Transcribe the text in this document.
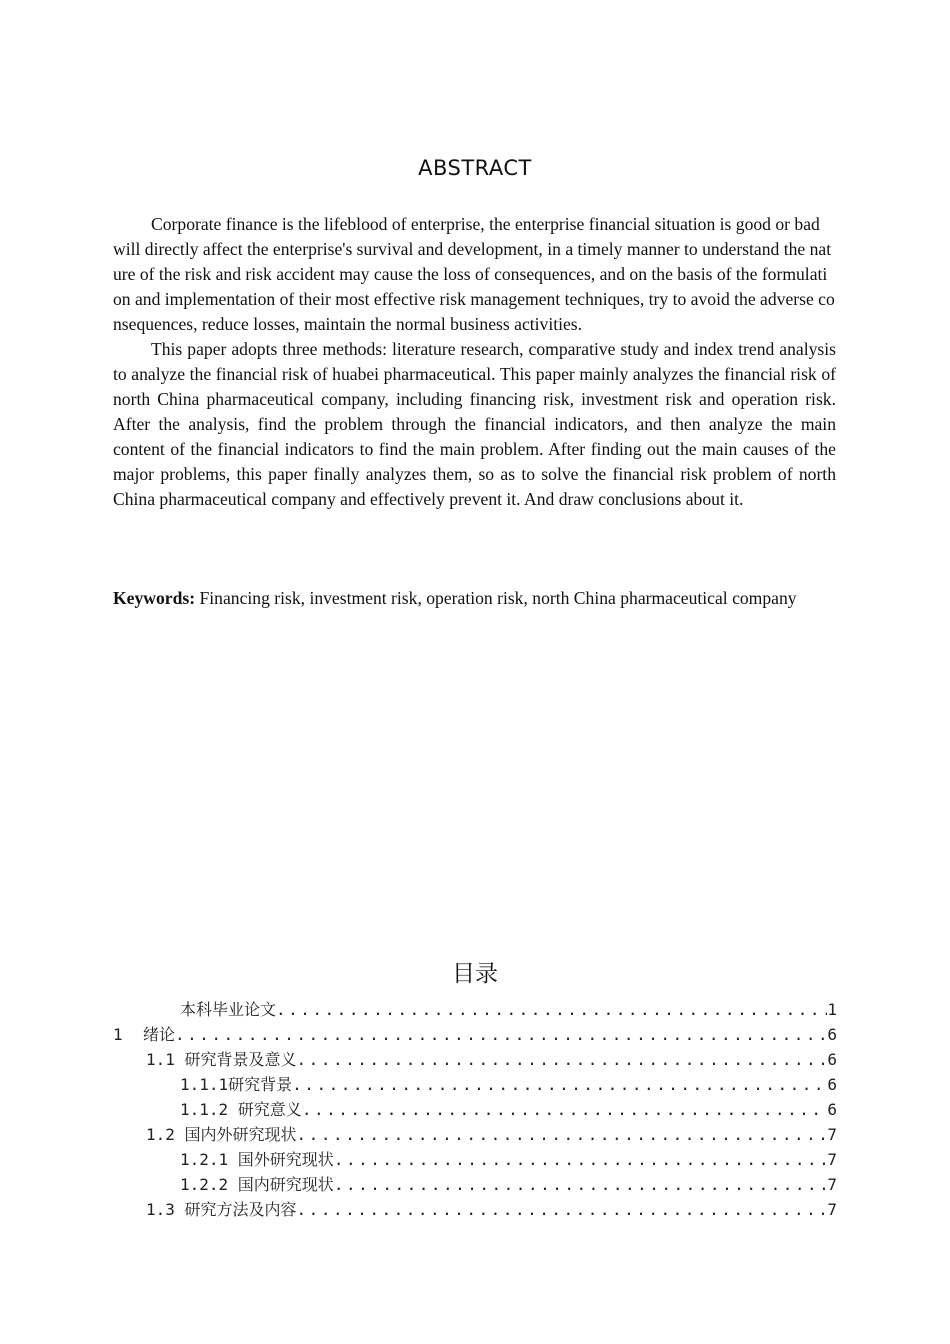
ABSTRACT

Corporate finance is the lifeblood of enterprise, the enterprise financial situation is good or bad will directly affect the enterprise's survival and development, in a timely manner to understand the nature of the risk and risk accident may cause the loss of consequences, and on the basis of the formulation and implementation of their most effective risk management techniques, try to avoid the adverse consequences, reduce losses, maintain the normal business activities.

This paper adopts three methods: literature research, comparative study and index trend analysis to analyze the financial risk of huabei pharmaceutical. This paper mainly analyzes the financial risk of north China pharmaceutical company, including financing risk, investment risk and operation risk. After the analysis, find the problem through the financial indicators, and then analyze the main content of the financial indicators to find the main problem. After finding out the main causes of the major problems, this paper finally analyzes them, so as to solve the financial risk problem of north China pharmaceutical company and effectively prevent it. And draw conclusions about it.

Keywords: Financing risk, investment risk, operation risk, north China pharmaceutical company
目录
本科毕业论文 .....	1
1 绪论 .....	6
1.1 研究背景及意义 .....	6
1.1.1研究背景 .....	6
1.1.2 研究意义 .....	6
1.2 国内外研究现状 .....	7
1.2.1 国外研究现状 .....	7
1.2.2 国内研究现状 .....	7
1.3 研究方法及内容 .....	7
